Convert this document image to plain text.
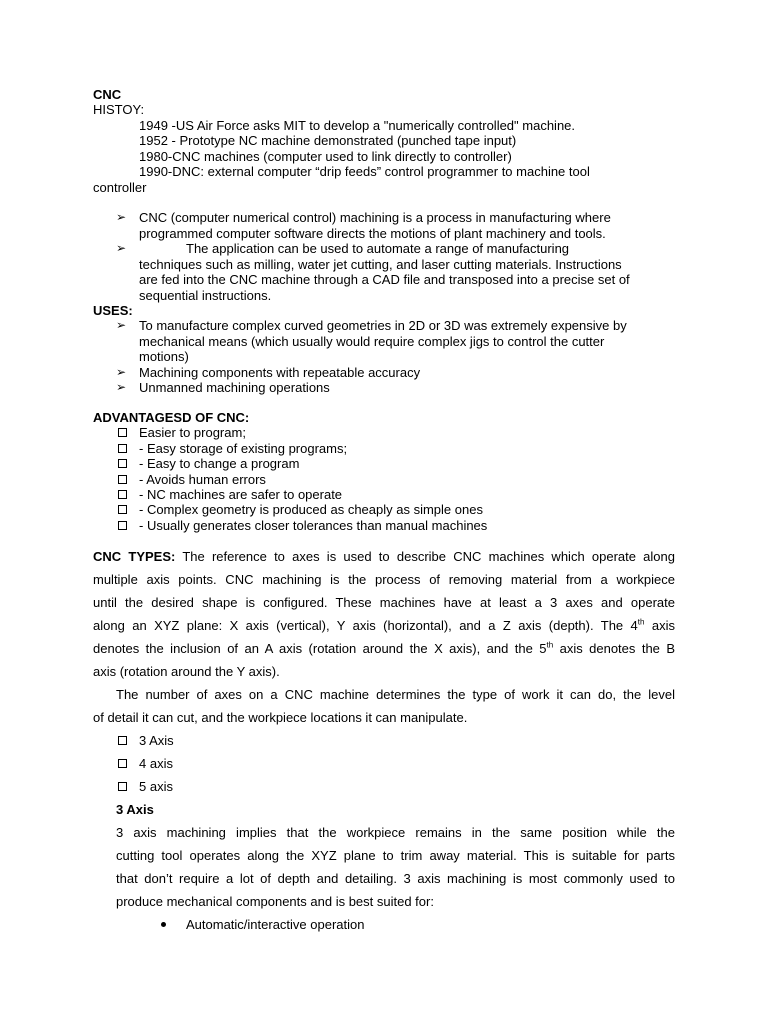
CNC
HISTOY:
1949 -US Air Force asks MIT to develop a "numerically controlled" machine.
1952 - Prototype NC machine demonstrated (punched tape input)
1980-CNC machines (computer used to link directly to controller)
1990-DNC: external computer “drip feeds” control programmer to machine tool
controller
➢ CNC (computer numerical control) machining is a process in manufacturing where
programmed computer software directs the motions of plant machinery and tools.
➢	The application can be used to automate a range of manufacturing
techniques such as milling, water jet cutting, and laser cutting materials. Instructions
are fed into the CNC machine through a CAD file and transposed into a precise set of
sequential instructions.
USES:
➢ To manufacture complex curved geometries in 2D or 3D was extremely expensive by
mechanical means (which usually would require complex jigs to control the cutter
motions)
➢ Machining components with repeatable accuracy
➢ Unmanned machining operations
ADVANTAGESD OF CNC:
Easier to program;
- Easy storage of existing programs;
- Easy to change a program
- Avoids human errors
- NC machines are safer to operate
- Complex geometry is produced as cheaply as simple ones
- Usually generates closer tolerances than manual machines
CNC TYPES: The reference to axes is used to describe CNC machines which operate along
multiple axis points. CNC machining is the process of removing material from a workpiece
until the desired shape is configured. These machines have at least a 3 axes and operate
along an XYZ plane: X axis (vertical), Y axis (horizontal), and a Z axis (depth). The 4th axis
denotes the inclusion of an A axis (rotation around the X axis), and the 5th axis denotes the B
axis (rotation around the Y axis).
The number of axes on a CNC machine determines the type of work it can do, the level
of detail it can cut, and the workpiece locations it can manipulate.
3 Axis
4 axis
5 axis
3 Axis
3 axis machining implies that the workpiece remains in the same position while the
cutting tool operates along the XYZ plane to trim away material. This is suitable for parts
that don’t require a lot of depth and detailing. 3 axis machining is most commonly used to
produce mechanical components and is best suited for:
Automatic/interactive operation
